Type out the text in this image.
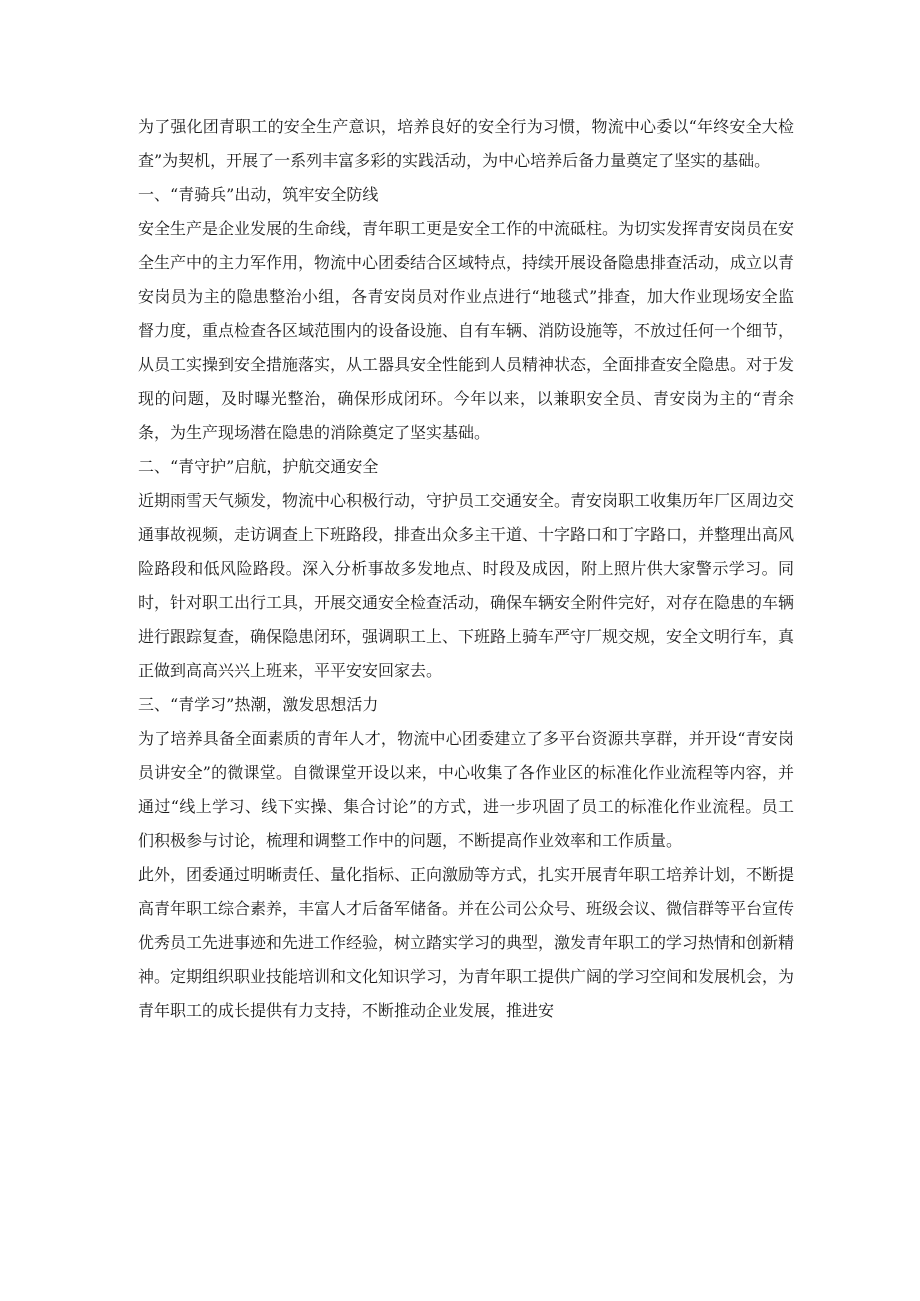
为了强化团青职工的安全生产意识，培养良好的安全行为习惯，物流中心委以“年终安全大检查”为契机，开展了一系列丰富多彩的实践活动，为中心培养后备力量奠定了坚实的基础。

一、“青骑兵”出动，筑牢安全防线

安全生产是企业发展的生命线，青年职工更是安全工作的中流砥柱。为切实发挥青安岗员在安全生产中的主力军作用，物流中心团委结合区域特点，持续开展设备隐患排查活动，成立以青安岗员为主的隐患整治小组，各青安岗员对作业点进行“地毯式”排查，加大作业现场安全监督力度，重点检查各区域范围内的设备设施、自有车辆、消防设施等，不放过任何一个细节，从员工实操到安全措施落实，从工器具安全性能到人员精神状态，全面排查安全隐患。对于发现的问题，及时曝光整治，确保形成闭环。今年以来，以兼职安全员、青安岗为主的“青余条，为生产现场潜在隐患的消除奠定了坚实基础。

二、“青守护”启航，护航交通安全

近期雨雪天气频发，物流中心积极行动，守护员工交通安全。青安岗职工收集历年厂区周边交通事故视频，走访调查上下班路段，排查出众多主干道、十字路口和丁字路口，并整理出高风险路段和低风险路段。深入分析事故多发地点、时段及成因，附上照片供大家警示学习。同时，针对职工出行工具，开展交通安全检查活动，确保车辆安全附件完好，对存在隐患的车辆进行跟踪复查，确保隐患闭环，强调职工上、下班路上骑车严守厂规交规，安全文明行车，真正做到高高兴兴上班来，平平安安回家去。

三、“青学习”热潮，激发思想活力

为了培养具备全面素质的青年人才，物流中心团委建立了多平台资源共享群，并开设“青安岗员讲安全”的微课堂。自微课堂开设以来，中心收集了各作业区的标准化作业流程等内容，并通过“线上学习、线下实操、集合讨论”的方式，进一步巩固了员工的标准化作业流程。员工们积极参与讨论，梳理和调整工作中的问题，不断提高作业效率和工作质量。

此外，团委通过明晰责任、量化指标、正向激励等方式，扎实开展青年职工培养计划，不断提高青年职工综合素养，丰富人才后备军储备。并在公司公众号、班级会议、微信群等平台宣传优秀员工先进事迹和先进工作经验，树立踏实学习的典型，激发青年职工的学习热情和创新精神。定期组织职业技能培训和文化知识学习，为青年职工提供广阔的学习空间和发展机会，为青年职工的成长提供有力支持，不断推动企业发展，推进安
